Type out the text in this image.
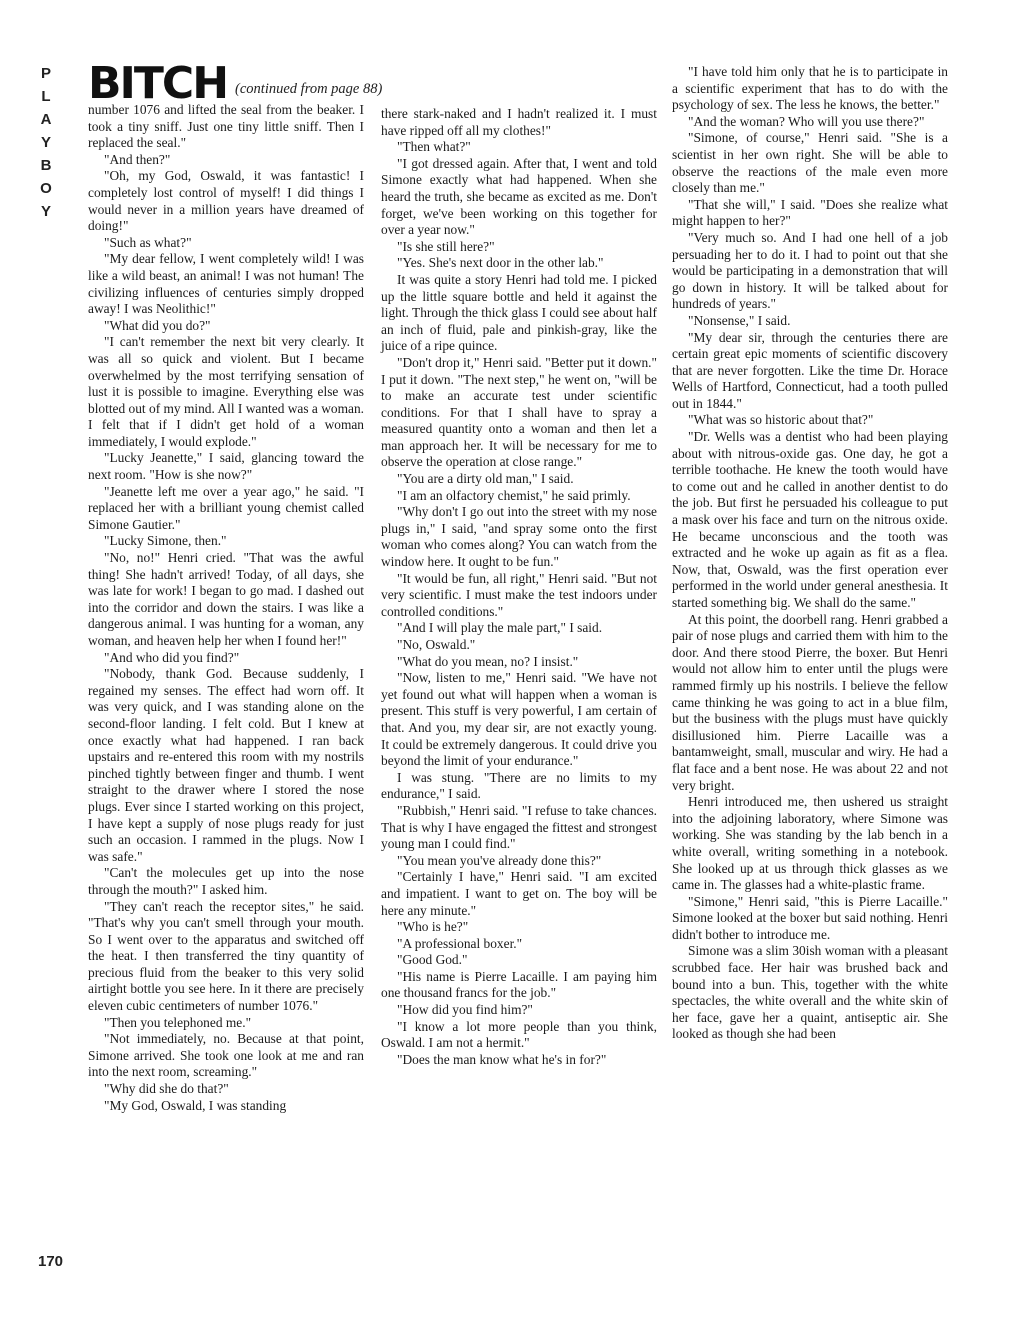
P
L
A
Y
B
O
Y
BITCH (continued from page 88)

number 1076 and lifted the seal from the beaker. I took a tiny sniff. Just one tiny little sniff. Then I replaced the seal."

"And then?"

"Oh, my God, Oswald, it was fantastic! I completely lost control of myself! I did things I would never in a million years have dreamed of doing!"

"Such as what?"

"My dear fellow, I went completely wild! I was like a wild beast, an animal! I was not human! The civilizing influences of centuries simply dropped away! I was Neolithic!"

"What did you do?"

"I can't remember the next bit very clearly. It was all so quick and violent. But I became overwhelmed by the most terrifying sensation of lust it is possible to imagine. Everything else was blotted out of my mind. All I wanted was a woman. I felt that if I didn't get hold of a woman immediately, I would explode."

"Lucky Jeanette," I said, glancing toward the next room. "How is she now?"

"Jeanette left me over a year ago," he said. "I replaced her with a brilliant young chemist called Simone Gautier."

"Lucky Simone, then."

"No, no!" Henri cried. "That was the awful thing! She hadn't arrived! Today, of all days, she was late for work! I began to go mad. I dashed out into the corridor and down the stairs. I was like a dangerous animal. I was hunting for a woman, any woman, and heaven help her when I found her!"

"And who did you find?"

"Nobody, thank God. Because suddenly, I regained my senses. The effect had worn off. It was very quick, and I was standing alone on the second-floor landing. I felt cold. But I knew at once exactly what had happened. I ran back upstairs and re-entered this room with my nostrils pinched tightly between finger and thumb. I went straight to the drawer where I stored the nose plugs. Ever since I started working on this project, I have kept a supply of nose plugs ready for just such an occasion. I rammed in the plugs. Now I was safe."

"Can't the molecules get up into the nose through the mouth?" I asked him.

"They can't reach the receptor sites," he said. "That's why you can't smell through your mouth. So I went over to the apparatus and switched off the heat. I then transferred the tiny quantity of precious fluid from the beaker to this very solid airtight bottle you see here. In it there are precisely eleven cubic centimeters of number 1076."

"Then you telephoned me."

"Not immediately, no. Because at that point, Simone arrived. She took one look at me and ran into the next room, screaming."

"Why did she do that?"

"My God, Oswald, I was standing

there stark-naked and I hadn't realized it. I must have ripped off all my clothes!"

"Then what?"

"I got dressed again. After that, I went and told Simone exactly what had happened. When she heard the truth, she became as excited as me. Don't forget, we've been working on this together for over a year now."

"Is she still here?"

"Yes. She's next door in the other lab."

It was quite a story Henri had told me. I picked up the little square bottle and held it against the light. Through the thick glass I could see about half an inch of fluid, pale and pinkish-gray, like the juice of a ripe quince.

"Don't drop it," Henri said. "Better put it down." I put it down. "The next step," he went on, "will be to make an accurate test under scientific conditions. For that I shall have to spray a measured quantity onto a woman and then let a man approach her. It will be necessary for me to observe the operation at close range."

"You are a dirty old man," I said.

"I am an olfactory chemist," he said primly.

"Why don't I go out into the street with my nose plugs in," I said, "and spray some onto the first woman who comes along? You can watch from the window here. It ought to be fun."

"It would be fun, all right," Henri said. "But not very scientific. I must make the test indoors under controlled conditions."

"And I will play the male part," I said.

"No, Oswald."

"What do you mean, no? I insist."

"Now, listen to me," Henri said. "We have not yet found out what will happen when a woman is present. This stuff is very powerful, I am certain of that. And you, my dear sir, are not exactly young. It could be extremely dangerous. It could drive you beyond the limit of your endurance."

I was stung. "There are no limits to my endurance," I said.

"Rubbish," Henri said. "I refuse to take chances. That is why I have engaged the fittest and strongest young man I could find."

"You mean you've already done this?"

"Certainly I have," Henri said. "I am excited and impatient. I want to get on. The boy will be here any minute."

"Who is he?"

"A professional boxer."

"Good God."

"His name is Pierre Lacaille. I am paying him one thousand francs for the job."

"How did you find him?"

"I know a lot more people than you think, Oswald. I am not a hermit."

"Does the man know what he's in for?"

"I have told him only that he is to participate in a scientific experiment that has to do with the psychology of sex. The less he knows, the better."

"And the woman? Who will you use there?"

"Simone, of course," Henri said. "She is a scientist in her own right. She will be able to observe the reactions of the male even more closely than me."

"That she will," I said. "Does she realize what might happen to her?"

"Very much so. And I had one hell of a job persuading her to do it. I had to point out that she would be participating in a demonstration that will go down in history. It will be talked about for hundreds of years."

"Nonsense," I said.

"My dear sir, through the centuries there are certain great epic moments of scientific discovery that are never forgotten. Like the time Dr. Horace Wells of Hartford, Connecticut, had a tooth pulled out in 1844."

"What was so historic about that?"

"Dr. Wells was a dentist who had been playing about with nitrous-oxide gas. One day, he got a terrible toothache. He knew the tooth would have to come out and he called in another dentist to do the job. But first he persuaded his colleague to put a mask over his face and turn on the nitrous oxide. He became unconscious and the tooth was extracted and he woke up again as fit as a flea. Now, that, Oswald, was the first operation ever performed in the world under general anesthesia. It started something big. We shall do the same."

At this point, the doorbell rang. Henri grabbed a pair of nose plugs and carried them with him to the door. And there stood Pierre, the boxer. But Henri would not allow him to enter until the plugs were rammed firmly up his nostrils. I believe the fellow came thinking he was going to act in a blue film, but the business with the plugs must have quickly disillusioned him. Pierre Lacaille was a bantamweight, small, muscular and wiry. He had a flat face and a bent nose. He was about 22 and not very bright.

Henri introduced me, then ushered us straight into the adjoining laboratory, where Simone was working. She was standing by the lab bench in a white overall, writing something in a notebook. She looked up at us through thick glasses as we came in. The glasses had a white-plastic frame.

"Simone," Henri said, "this is Pierre Lacaille." Simone looked at the boxer but said nothing. Henri didn't bother to introduce me.

Simone was a slim 30ish woman with a pleasant scrubbed face. Her hair was brushed back and bound into a bun. This, together with the white spectacles, the white overall and the white skin of her face, gave her a quaint, antiseptic air. She looked as though she had been

170
